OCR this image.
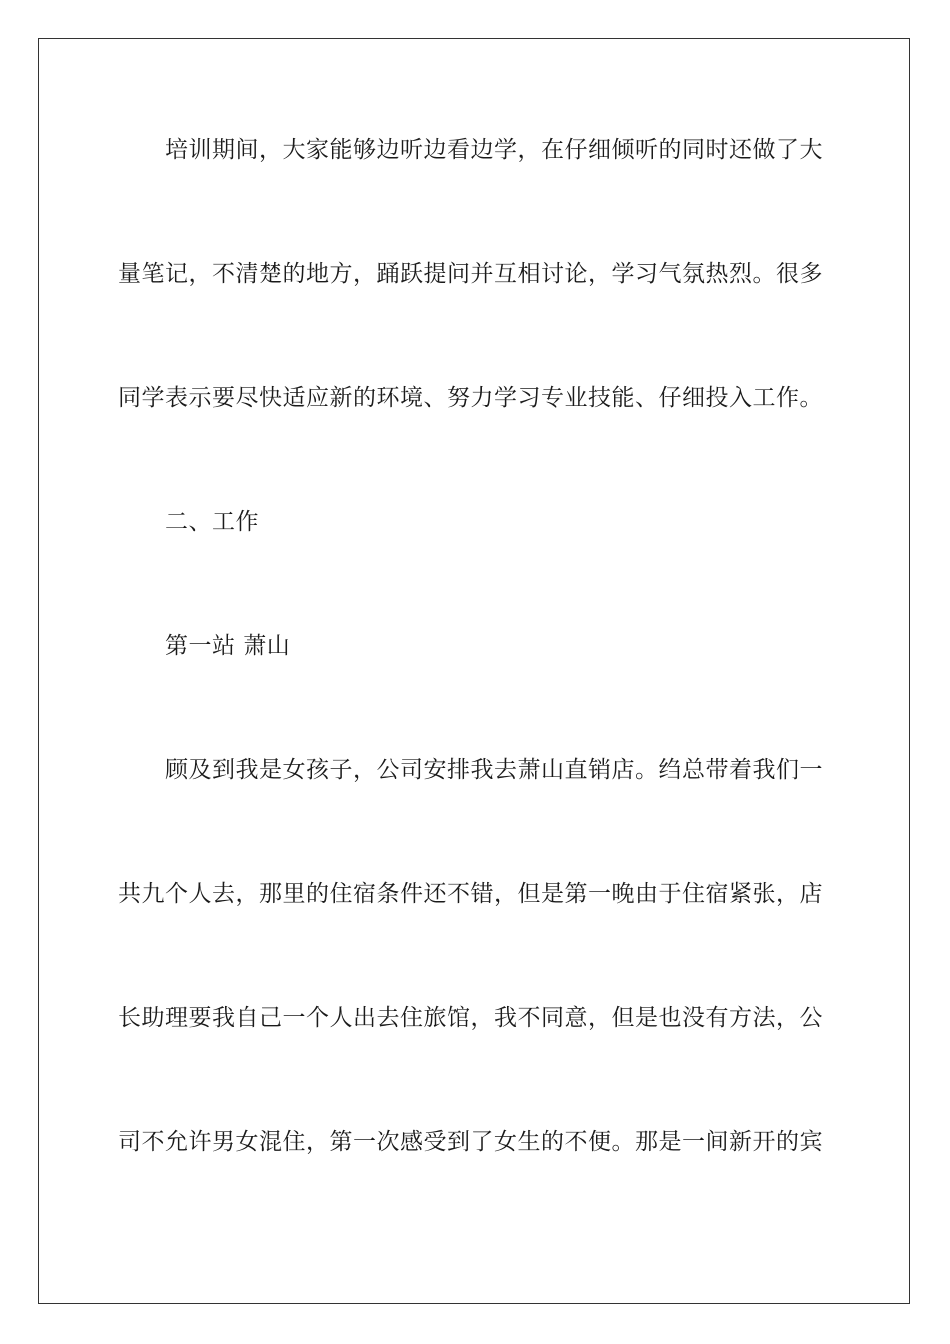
培训期间，大家能够边听边看边学，在仔细倾听的同时还做了大
量笔记，不清楚的地方，踊跃提问并互相讨论，学习气氛热烈。很多
同学表示要尽快适应新的环境、努力学习专业技能、仔细投入工作。
二、工作
第一站 萧山
顾及到我是女孩子，公司安排我去萧山直销店。绉总带着我们一
共九个人去，那里的住宿条件还不错，但是第一晚由于住宿紧张，店
长助理要我自己一个人出去住旅馆，我不同意，但是也没有方法，公
司不允许男女混住，第一次感受到了女生的不便。那是一间新开的宾
